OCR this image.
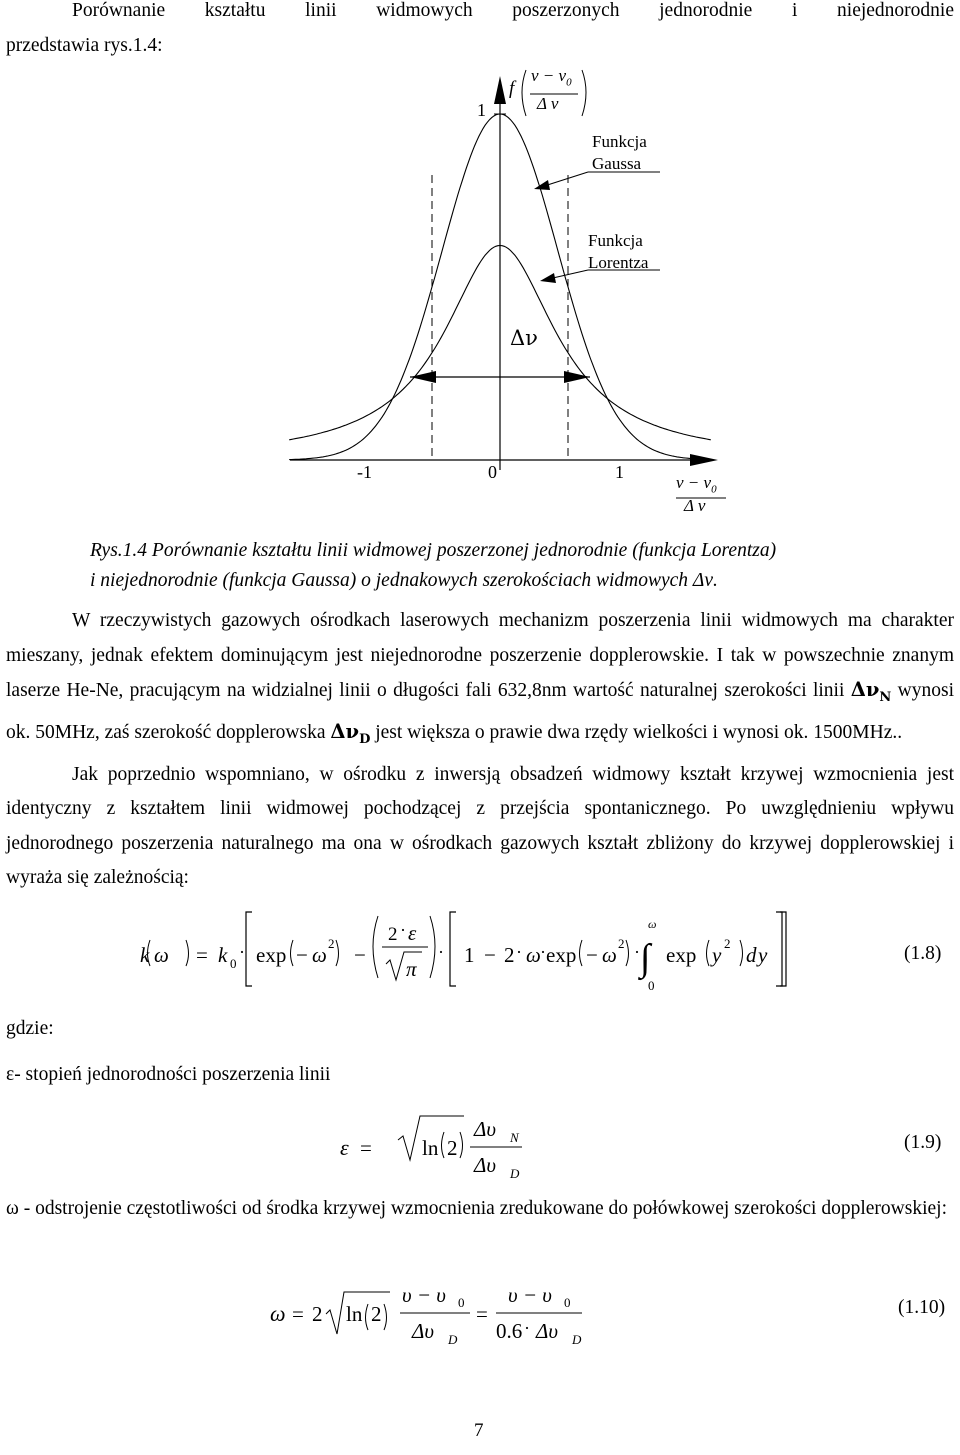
Porównanie kształtu linii widmowych poszerzonych jednorodnie i niejednorodnie

przedstawia rys.1.4:

1
f
$\nu - \nu_0$
Δ ν
Funkcja
Gaussa
Funkcja
Lorentza
Δν
-1	0	1
$\nu - \nu_0$
Δ ν

Rys.1.4 Porównanie kształtu linii widmowej poszerzonej jednorodnie (funkcja Lorentza)

i niejednorodnie (funkcja Gaussa) o jednakowych szerokościach widmowych Δν.

W rzeczywistych gazowych ośrodkach laserowych mechanizm poszerzenia linii widmowych ma charakter mieszany, jednak efektem dominującym jest niejednorodne poszerzenie dopplerowskie. I tak w powszechnie znanym laserze He-Ne, pracującym na widzialnej linii o długości fali 632,8nm wartość naturalnej szerokości linii $\Delta\nu_N$ wynosi ok. 50MHz, zaś szerokość dopplerowska $\Delta\nu_D$ jest większa o prawie dwa rzędy wielkości i wynosi ok. 1500MHz..

Jak poprzednio wspomniano, w ośrodku z inwersją obsadzeń widmowy kształt krzywej wzmocnienia jest identyczny z kształtem linii widmowej pochodzącej z przejścia spontanicznego. Po uwzględnieniu wpływu jednorodnego poszerzenia naturalnego ma ona w ośrodkach gazowych kształt zbliżony do krzywej dopplerowskiej i wyraża się zależnością:

k ω = k 0
· exp − ω 2 −
2 · ε
π
· 1 − 2 · ω · exp − ω 2 ·
ω
∫
0
exp y 2 d y	(1.8)
gdzie:
ε- stopień jednorodności poszerzenia linii
ε = ln 2
Δυ N
Δυ D
(1.9)

ω - odstrojenie częstotliwości od środka krzywej wzmocnienia zredukowane do połówkowej szerokości dopplerowskiej:

ω = 2 ln 2
υ − υ 0
Δυ D
=
υ − υ 0
0.6 · Δυ D
(1.10)
7
